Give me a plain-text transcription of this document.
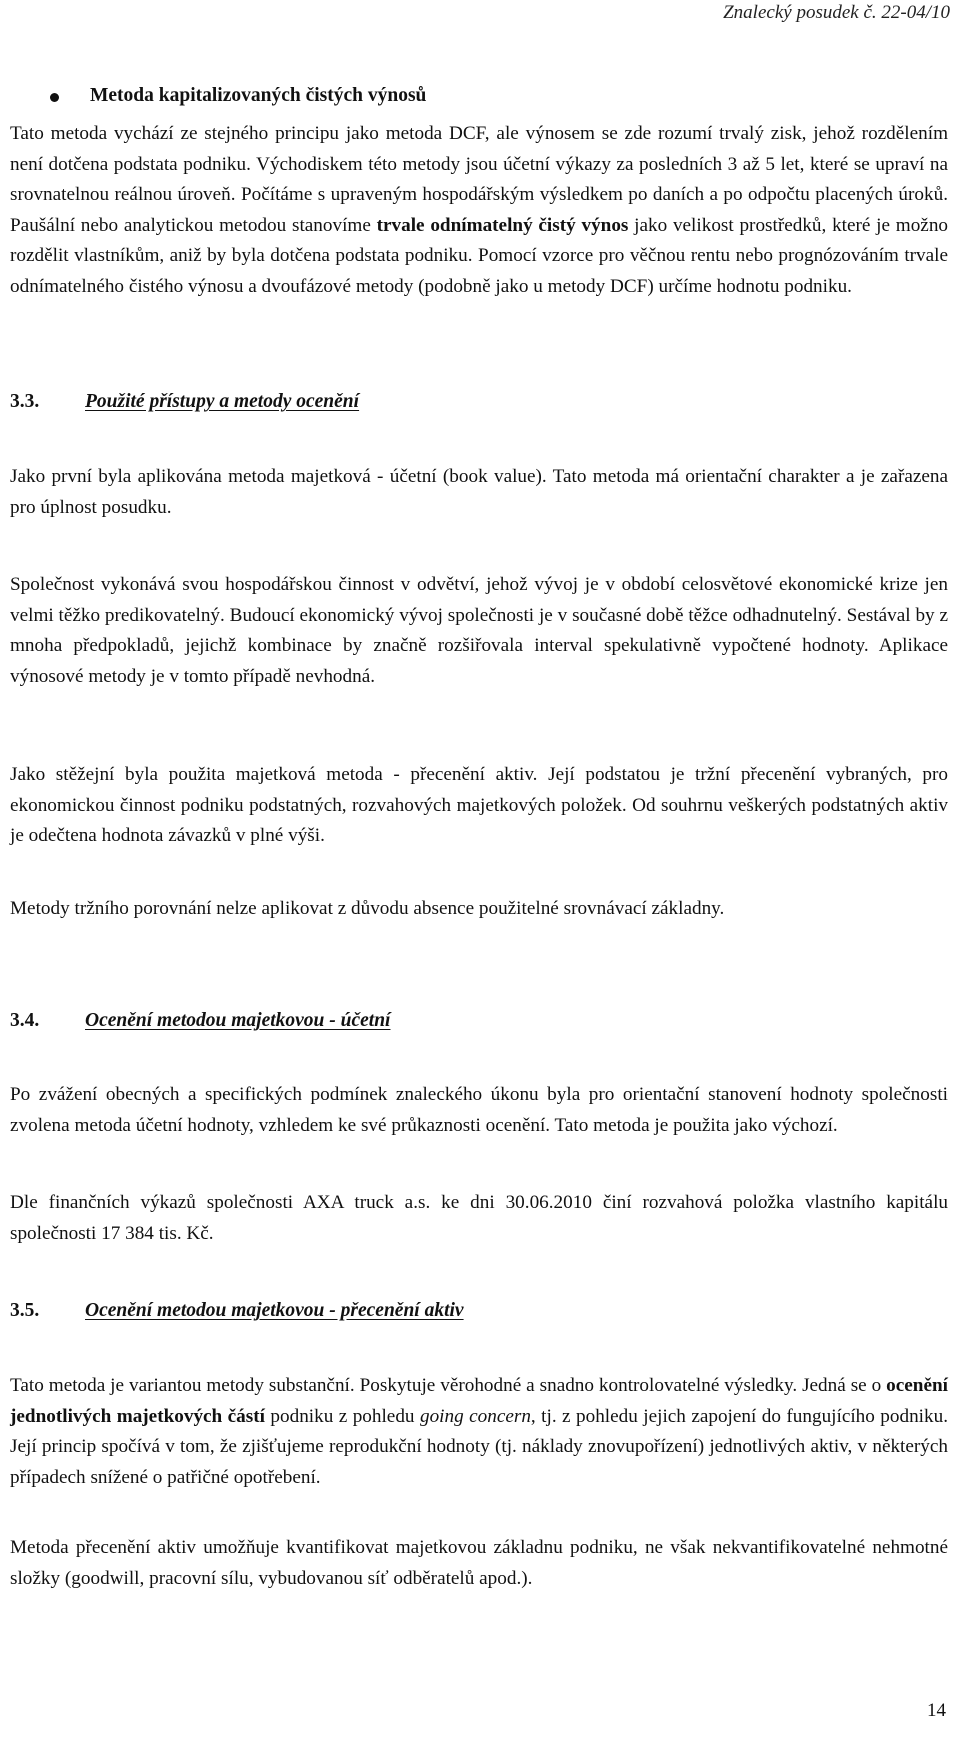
Znalecký posudek č. 22-04/10
Metoda kapitalizovaných čistých výnosů

Tato metoda vychází ze stejného principu jako metoda DCF, ale výnosem se zde rozumí trvalý zisk, jehož rozdělením není dotčena podstata podniku. Východiskem této metody jsou účetní výkazy za posledních 3 až 5 let, které se upraví na srovnatelnou reálnou úroveň. Počítáme s upraveným hospodářským výsledkem po daních a po odpočtu placených úroků. Paušální nebo analytickou metodou stanovíme trvale odnímatelný čistý výnos jako velikost prostředků, které je možno rozdělit vlastníkům, aniž by byla dotčena podstata podniku. Pomocí vzorce pro věčnou rentu nebo prognózováním trvale odnímatelného čistého výnosu a dvoufázové metody (podobně jako u metody DCF) určíme hodnotu podniku.

3.3. Použité přístupy a metody ocenění

Jako první byla aplikována metoda majetková - účetní (book value). Tato metoda má orientační charakter a je zařazena pro úplnost posudku.

Společnost vykonává svou hospodářskou činnost v odvětví, jehož vývoj je v období celosvětové ekonomické krize jen velmi těžko predikovatelný. Budoucí ekonomický vývoj společnosti je v současné době těžce odhadnutelný. Sestával by z mnoha předpokladů, jejichž kombinace by značně rozšiřovala interval spekulativně vypočtené hodnoty. Aplikace výnosové metody je v tomto případě nevhodná.

Jako stěžejní byla použita majetková metoda - přecenění aktiv. Její podstatou je tržní přecenění vybraných, pro ekonomickou činnost podniku podstatných, rozvahových majetkových položek. Od souhrnu veškerých podstatných aktiv je odečtena hodnota závazků v plné výši.

Metody tržního porovnání nelze aplikovat z důvodu absence použitelné srovnávací základny.

3.4. Ocenění metodou majetkovou - účetní

Po zvážení obecných a specifických podmínek znaleckého úkonu byla pro orientační stanovení hodnoty společnosti zvolena metoda účetní hodnoty, vzhledem ke své průkaznosti ocenění. Tato metoda je použita jako výchozí.

Dle finančních výkazů společnosti AXA truck a.s. ke dni 30.06.2010 činí rozvahová položka vlastního kapitálu společnosti 17 384 tis. Kč.

3.5. Ocenění metodou majetkovou - přecenění aktiv

Tato metoda je variantou metody substanční. Poskytuje věrohodné a snadno kontrolovatelné výsledky. Jedná se o ocenění jednotlivých majetkových částí podniku z pohledu going concern, tj. z pohledu jejich zapojení do fungujícího podniku. Její princip spočívá v tom, že zjišťujeme reprodukční hodnoty (tj. náklady znovupořízení) jednotlivých aktiv, v některých případech snížené o patřičné opotřebení.

Metoda přecenění aktiv umožňuje kvantifikovat majetkovou základnu podniku, ne však nekvantifikovatelné nehmotné složky (goodwill, pracovní sílu, vybudovanou síť odběratelů apod.).

14
